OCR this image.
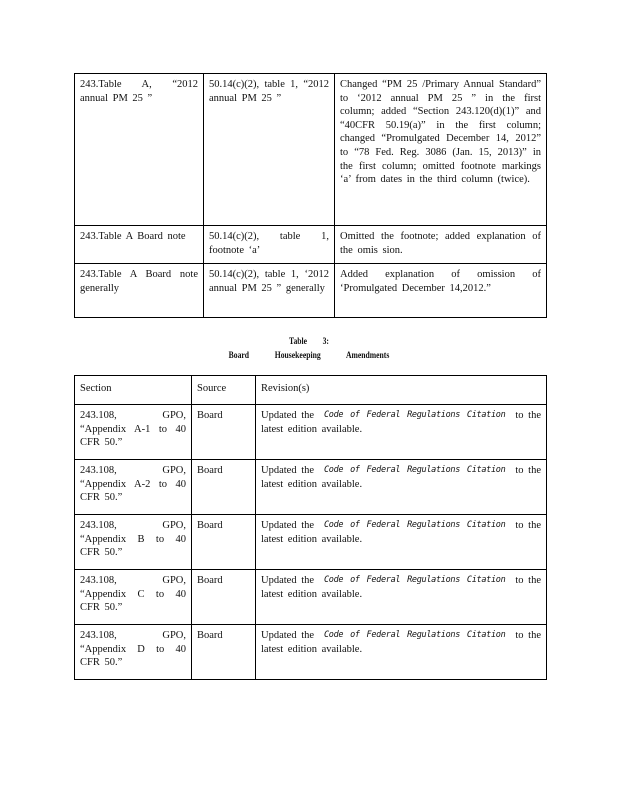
243.Table A, “2012 annual PM 25 ”	50.14(c)(2), table 1, “2012 annual PM 25 ”	Changed “PM 25 /Primary Annual Standard” to ‘2012 annual PM 25 ” in the first column; added “Section 243.120(d)(1)” and “40CFR 50.19(a)” in the first column; changed “Promulgated December 14, 2012” to “78 Fed. Reg. 3086 (Jan. 15, 2013)” in the first column; omitted footnote markings ‘a’ from dates in the third column (twice).
243.Table A Board note	50.14(c)(2), table 1, footnote ‘a’	Omitted the footnote; added explanation of the omis sion.
243.Table A Board note generally	50.14(c)(2), table 1, ‘2012 annual PM 25 ” generally	Added explanation of omission of ‘Promulgated December 14,2012.”
Table 3:
Board Housekeeping Amendments
Section	Source	Revision(s)
243.108, GPO, “Appendix A-1 to 40 CFR 50.”	Board	Updated the Code of Federal Regulations Citation to the
latest edition available.

243.108, GPO, “Appendix A-2 to 40 CFR 50.”	Board	Updated the Code of Federal Regulations Citation to the
latest edition available.

243.108, GPO, “Appendix B to 40 CFR 50.”	Board	Updated the Code of Federal Regulations Citation to the
latest edition available.

243.108, GPO, “Appendix C to 40 CFR 50.”	Board	Updated the Code of Federal Regulations Citation to the
latest edition available.

243.108, GPO, “Appendix D to 40 CFR 50.”	Board	Updated the Code of Federal Regulations Citation to the
latest edition available.
